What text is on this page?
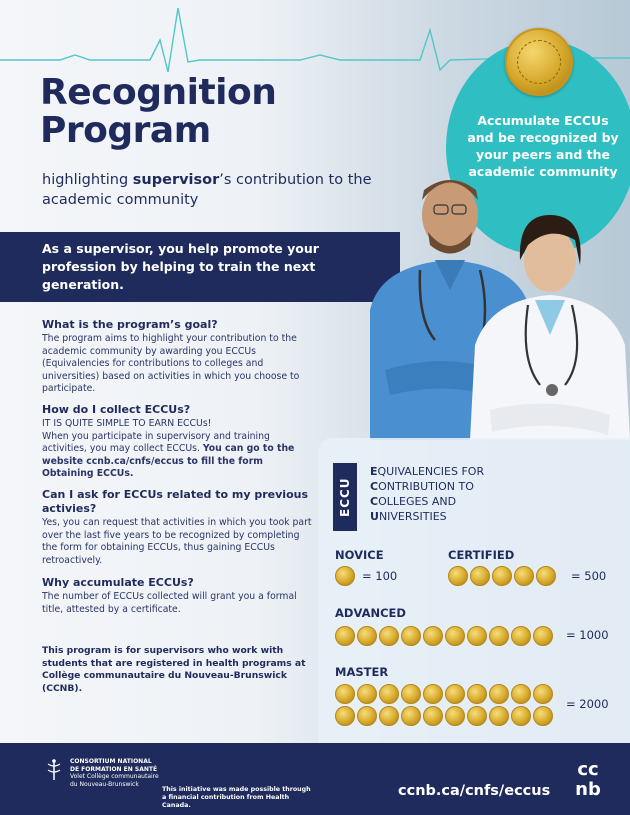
Recognition
Program
highlighting supervisor’s contribution to the academic community
Accumulate ECCUs and be recognized by your peers and the academic community
As a supervisor, you help promote your profession by helping to train the next generation.
What is the program’s goal?

The program aims to highlight your contribution to the academic community by awarding you ECCUs (Equivalencies for contributions to colleges and universities) based on activities in which you choose to participate.

How do I collect ECCUs?

IT IS QUITE SIMPLE TO EARN ECCUs!
When you participate in supervisory and training activities, you may collect ECCUs. You can go to the website ccnb.ca/cnfs/eccus to fill the form Obtaining ECCUs.

Can I ask for ECCUs related to my previous activies?

Yes, you can request that activities in which you took part over the last five years to be recognized by completing the form for obtaining ECCUs, thus gaining ECCUs retroactively.

Why accumulate ECCUs?

The number of ECCUs collected will grant you a formal title, attested by a certificate.

This program is for supervisors who work with students that are registered in health programs at Collège communautaire du Nouveau-Brunswick (CCNB).
ECCU
EQUIVALENCIES FOR
CONTRIBUTION TO
COLLEGES AND
UNIVERSITIES
NOVICE
= 100
CERTIFIED
= 500
ADVANCED
= 1000
MASTER
= 2000
CONSORTIUM NATIONAL
DE FORMATION EN SANTÉ
Volet Collège communautaire
du Nouveau-Brunswick
This initiative was made possible through a financial contribution from Health Canada.
ccnb.ca/cnfs/eccus
cc
nb
